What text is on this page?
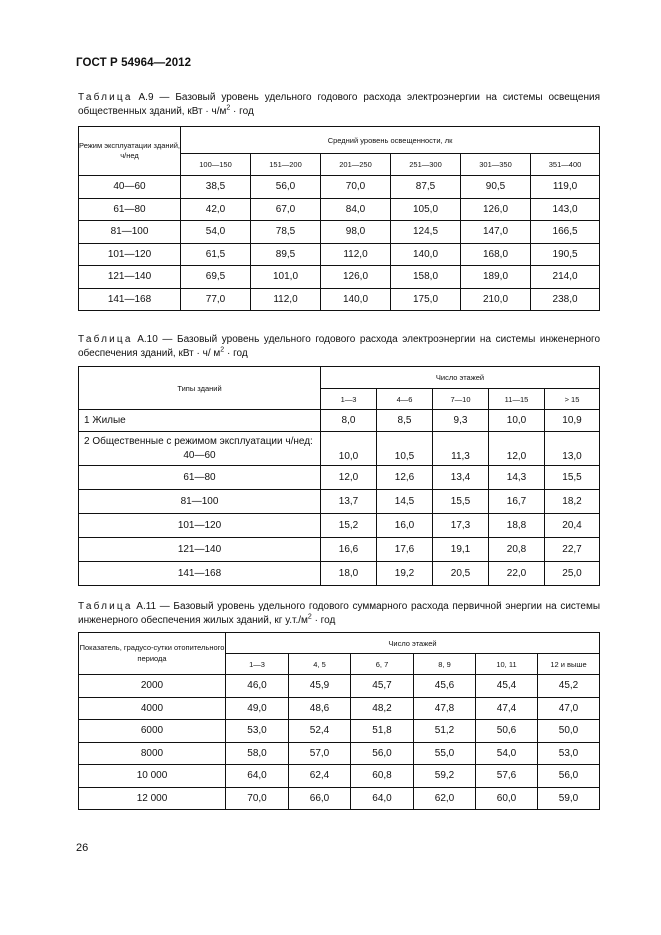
ГОСТ Р 54964—2012
Таблица А.9 — Базовый уровень удельного годового расхода электроэнергии на системы освещения общественных зданий, кВт · $ч/м^2$ · год
Режим эксплуатации зданий, ч/нед	Средний уровень освещенности, лк					
	100—150	151—200	201—250	251—300	301—350	351—400
40—60	38,5	56,0	70,0	87,5	90,5	119,0
61—80	42,0	67,0	84,0	105,0	126,0	143,0
81—100	54,0	78,5	98,0	124,5	147,0	166,5
101—120	61,5	89,5	112,0	140,0	168,0	190,5
121—140	69,5	101,0	126,0	158,0	189,0	214,0
141—168	77,0	112,0	140,0	175,0	210,0	238,0
Таблица А.10 — Базовый уровень удельного годового расхода электроэнергии на системы инженерного обеспечения зданий, кВт · ч/ $м^2$ · год
Типы зданий	Число этажей				
	1—3	4—6	7—10	11—15	> 15
1 Жилые	8,0	8,5	9,3	10,0	10,9

2 Общественные с режимом эксплуатации ч/нед:
40—60	10,0	10,5	11,3	12,0	13,0
61—80	12,0	12,6	13,4	14,3	15,5
81—100	13,7	14,5	15,5	16,7	18,2
101—120	15,2	16,0	17,3	18,8	20,4
121—140	16,6	17,6	19,1	20,8	22,7
141—168	18,0	19,2	20,5	22,0	25,0
Таблица А.11 — Базовый уровень удельного годового суммарного расхода первичной энергии на системы инженерного обеспечения жилых зданий, кг $у.т./м^2$ · год
Показатель, градусо-сутки отопительного периода	Число этажей					
	1—3	4, 5	6, 7	8, 9	10, 11	12 и выше
2000	46,0	45,9	45,7	45,6	45,4	45,2
4000	49,0	48,6	48,2	47,8	47,4	47,0
6000	53,0	52,4	51,8	51,2	50,6	50,0
8000	58,0	57,0	56,0	55,0	54,0	53,0
10 000	64,0	62,4	60,8	59,2	57,6	56,0
12 000	70,0	66,0	64,0	62,0	60,0	59,0
26
